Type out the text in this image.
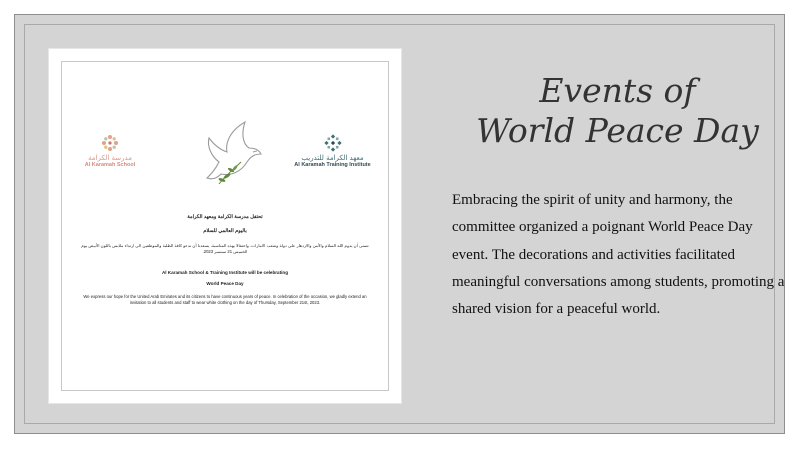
مدرسة الكرامة
Al Karamah School
معهد الكرامة للتدريب
Al Karamah Training Institute
تحتفل مدرسة الكرامة ومعهد الكرامة
باليوم العالمي للسلام
تتمنى أن يدوم الله السلام والأمن والازدهار على دولة وشعب الامارات. واحتفالا بهذه المناسبة، يسعدنا أن ندعو كافة الطلبة والموظفين الى ارتداء ملابس باللون الأبيض يوم الخميس 21 سبتمبر 2023.
Al Karamah School & Training Institute will be celebrating
World Peace Day
We express our hope for the United Arab Emirates and its citizens to have continuous years of peace. In celebration of the occasion, we gladly extend an invitation to all students and staff to wear white clothing on the day of Thursday, September 21st, 2023.
Events of
World Peace Day
Embracing the spirit of unity and harmony, the committee organized a poignant World Peace Day event. The decorations and activities facilitated meaningful conversations among students, promoting a shared vision for a peaceful world.
